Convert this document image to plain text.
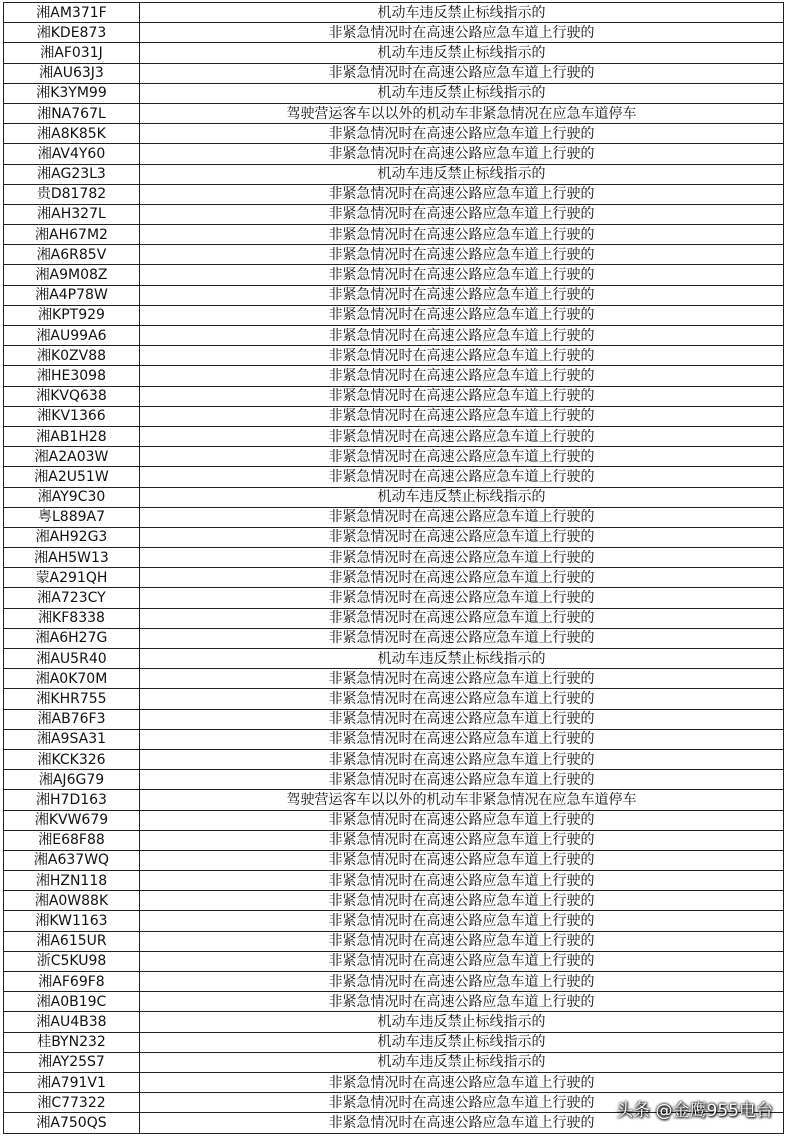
湘AM371F	机动车违反禁止标线指示的
湘KDE873	非紧急情况时在高速公路应急车道上行驶的
湘AF031J	机动车违反禁止标线指示的
湘AU63J3	非紧急情况时在高速公路应急车道上行驶的
湘K3YM99	机动车违反禁止标线指示的
湘NA767L	驾驶营运客车以以外的机动车非紧急情况在应急车道停车
湘A8K85K	非紧急情况时在高速公路应急车道上行驶的
湘AV4Y60	非紧急情况时在高速公路应急车道上行驶的
湘AG23L3	机动车违反禁止标线指示的
贵D81782	非紧急情况时在高速公路应急车道上行驶的
湘AH327L	非紧急情况时在高速公路应急车道上行驶的
湘AH67M2	非紧急情况时在高速公路应急车道上行驶的
湘A6R85V	非紧急情况时在高速公路应急车道上行驶的
湘A9M08Z	非紧急情况时在高速公路应急车道上行驶的
湘A4P78W	非紧急情况时在高速公路应急车道上行驶的
湘KPT929	非紧急情况时在高速公路应急车道上行驶的
湘AU99A6	非紧急情况时在高速公路应急车道上行驶的
湘K0ZV88	非紧急情况时在高速公路应急车道上行驶的
湘HE3098	非紧急情况时在高速公路应急车道上行驶的
湘KVQ638	非紧急情况时在高速公路应急车道上行驶的
湘KV1366	非紧急情况时在高速公路应急车道上行驶的
湘AB1H28	非紧急情况时在高速公路应急车道上行驶的
湘A2A03W	非紧急情况时在高速公路应急车道上行驶的
湘A2U51W	非紧急情况时在高速公路应急车道上行驶的
湘AY9C30	机动车违反禁止标线指示的
粤L889A7	非紧急情况时在高速公路应急车道上行驶的
湘AH92G3	非紧急情况时在高速公路应急车道上行驶的
湘AH5W13	非紧急情况时在高速公路应急车道上行驶的
蒙A291QH	非紧急情况时在高速公路应急车道上行驶的
湘A723CY	非紧急情况时在高速公路应急车道上行驶的
湘KF8338	非紧急情况时在高速公路应急车道上行驶的
湘A6H27G	非紧急情况时在高速公路应急车道上行驶的
湘AU5R40	机动车违反禁止标线指示的
湘A0K70M	非紧急情况时在高速公路应急车道上行驶的
湘KHR755	非紧急情况时在高速公路应急车道上行驶的
湘AB76F3	非紧急情况时在高速公路应急车道上行驶的
湘A9SA31	非紧急情况时在高速公路应急车道上行驶的
湘KCK326	非紧急情况时在高速公路应急车道上行驶的
湘AJ6G79	非紧急情况时在高速公路应急车道上行驶的
湘H7D163	驾驶营运客车以以外的机动车非紧急情况在应急车道停车
湘KVW679	非紧急情况时在高速公路应急车道上行驶的
湘E68F88	非紧急情况时在高速公路应急车道上行驶的
湘A637WQ	非紧急情况时在高速公路应急车道上行驶的
湘HZN118	非紧急情况时在高速公路应急车道上行驶的
湘A0W88K	非紧急情况时在高速公路应急车道上行驶的
湘KW1163	非紧急情况时在高速公路应急车道上行驶的
湘A615UR	非紧急情况时在高速公路应急车道上行驶的
浙C5KU98	非紧急情况时在高速公路应急车道上行驶的
湘AF69F8	非紧急情况时在高速公路应急车道上行驶的
湘A0B19C	非紧急情况时在高速公路应急车道上行驶的
湘AU4B38	机动车违反禁止标线指示的
桂BYN232	机动车违反禁止标线指示的
湘AY25S7	机动车违反禁止标线指示的
湘A791V1	非紧急情况时在高速公路应急车道上行驶的
湘C77322	非紧急情况时在高速公路应急车道上行驶的
湘A750QS	非紧急情况时在高速公路应急车道上行驶的
头条 @金鹰955电台
